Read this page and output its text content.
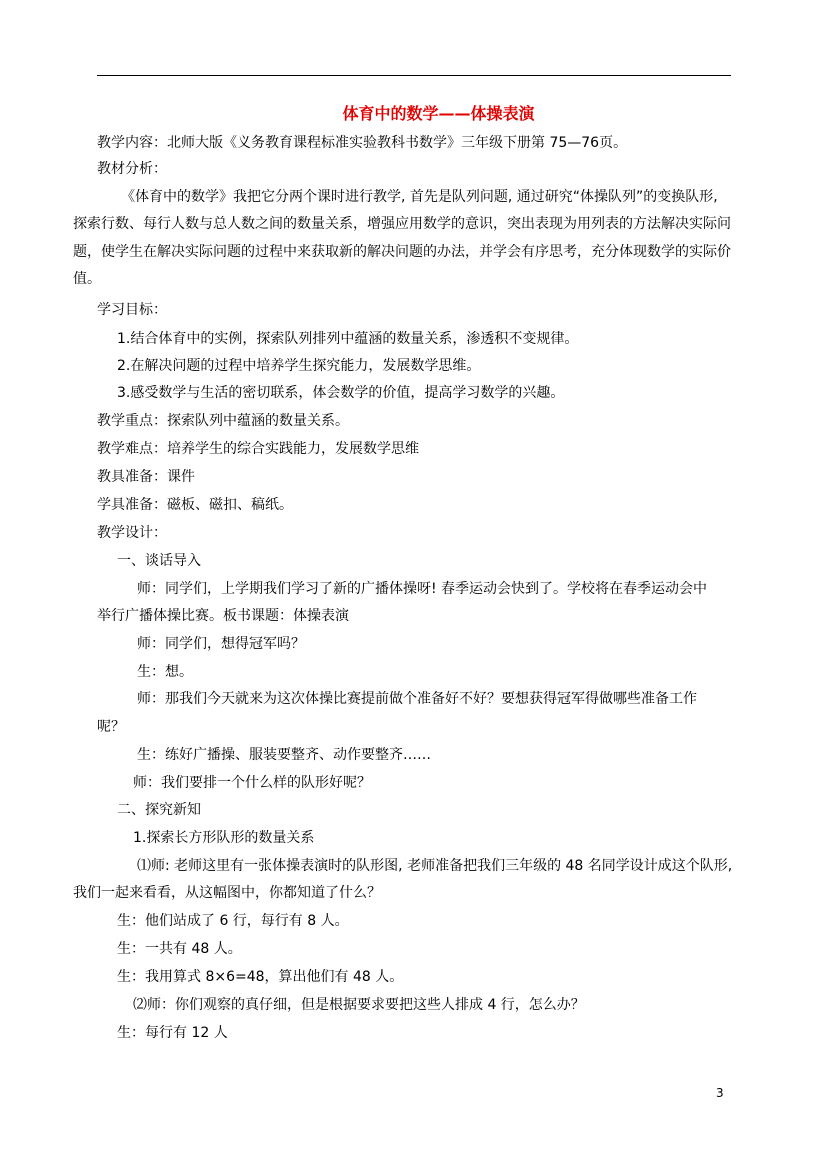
体育中的数学——体操表演
教学内容：北师大版《义务教育课程标准实验教科书数学》三年级下册第 75—76页。
教材分析：
《体育中的数学》我把它分两个课时进行教学, 首先是队列问题, 通过研究“体操队列”的变换队形,
探索行数、每行人数与总人数之间的数量关系，增强应用数学的意识，突出表现为用列表的方法解决实际问
题，使学生在解决实际问题的过程中来获取新的解决问题的办法，并学会有序思考，充分体现数学的实际价
值。
学习目标：
1.结合体育中的实例，探索队列排列中蕴涵的数量关系，渗透积不变规律。
2.在解决问题的过程中培养学生探究能力，发展数学思维。
3.感受数学与生活的密切联系，体会数学的价值，提高学习数学的兴趣。
教学重点：探索队列中蕴涵的数量关系。
教学难点：培养学生的综合实践能力，发展数学思维
教具准备：课件
学具准备：磁板、磁扣、稿纸。
教学设计：
一、谈话导入
师：同学们，上学期我们学习了新的广播体操呀! 春季运动会快到了。学校将在春季运动会中
举行广播体操比赛。板书课题：体操表演
师：同学们，想得冠军吗？
生：想。
师：那我们今天就来为这次体操比赛提前做个准备好不好？要想获得冠军得做哪些准备工作
呢？
生：练好广播操、服装要整齐、动作要整齐……
师：我们要排一个什么样的队形好呢？
二、探究新知
1.探索长方形队形的数量关系
⑴师: 老师这里有一张体操表演时的队形图, 老师准备把我们三年级的 48 名同学设计成这个队形,
我们一起来看看，从这幅图中，你都知道了什么？
生：他们站成了 6 行，每行有 8 人。
生：一共有 48 人。
生：我用算式 8×6=48，算出他们有 48 人。
⑵师：你们观察的真仔细，但是根据要求要把这些人排成 4 行，怎么办？
生：每行有 12 人
3
